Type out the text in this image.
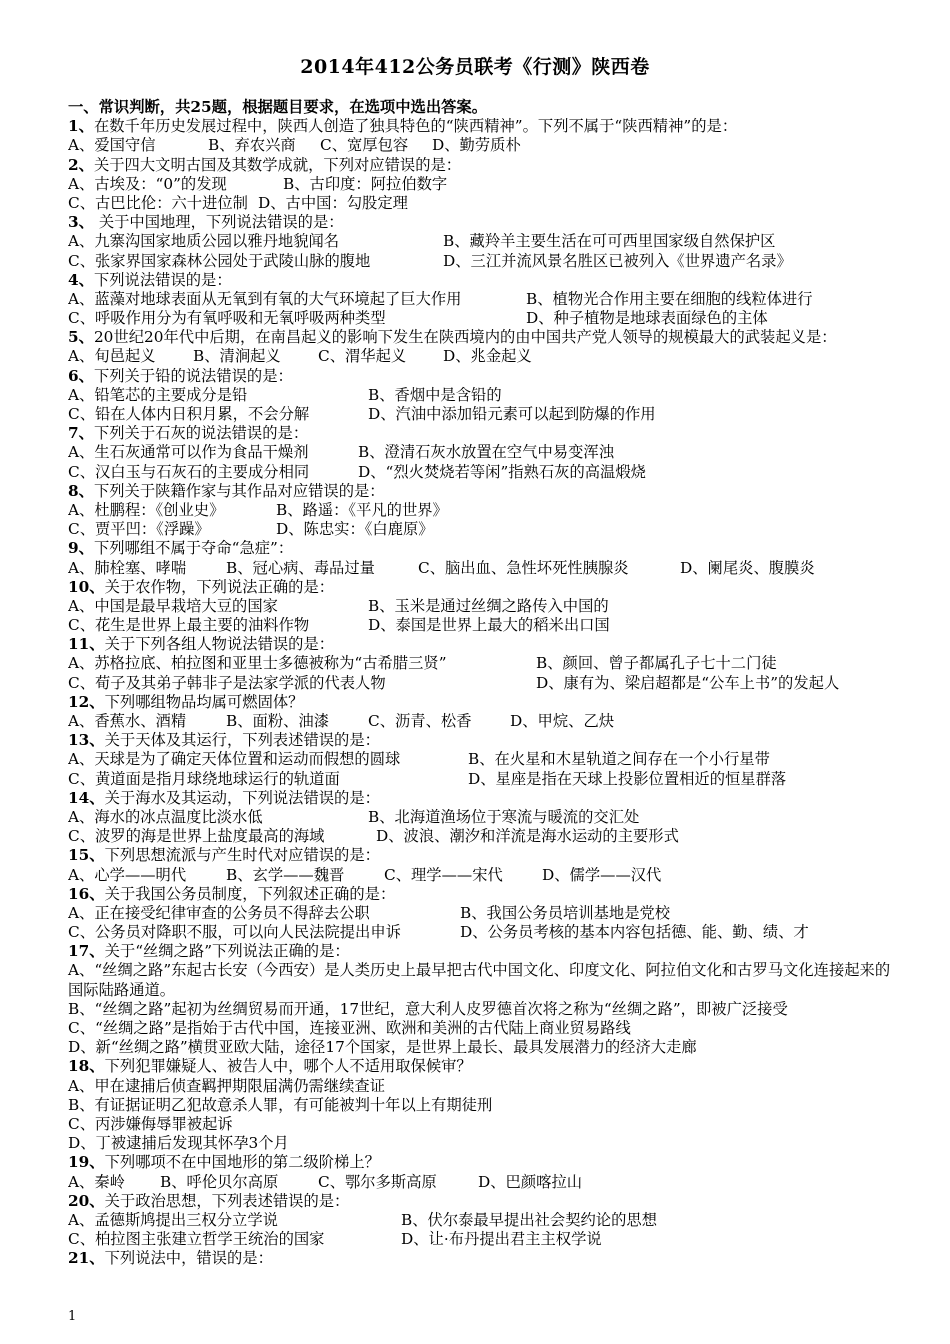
2014年412公务员联考《行测》陕西卷
一、常识判断，共25题，根据题目要求，在选项中选出答案。
1、在数千年历史发展过程中，陕西人创造了独具特色的“陕西精神”。下列不属于“陕西精神”的是：
A、爱国守信	B、弃农兴商	C、宽厚包容	D、勤劳质朴
2、关于四大文明古国及其数学成就，下列对应错误的是：
A、古埃及：“0”的发现	B、古印度：阿拉伯数字
C、古巴比伦：六十进位制 D、古中国：勾股定理
3、 关于中国地理，下列说法错误的是：
A、九寨沟国家地质公园以雅丹地貌闻名	B、藏羚羊主要生活在可可西里国家级自然保护区
C、张家界国家森林公园处于武陵山脉的腹地	D、三江并流风景名胜区已被列入《世界遗产名录》
4、下列说法错误的是：
A、蓝藻对地球表面从无氧到有氧的大气环境起了巨大作用	B、植物光合作用主要在细胞的线粒体进行
C、呼吸作用分为有氧呼吸和无氧呼吸两种类型	D、种子植物是地球表面绿色的主体
5、20世纪20年代中后期，在南昌起义的影响下发生在陕西境内的由中国共产党人领导的规模最大的武装起义是：
A、旬邑起义	B、清涧起义	C、渭华起义	D、兆金起义
6、下列关于铅的说法错误的是：
A、铅笔芯的主要成分是铅	B、香烟中是含铅的
C、铅在人体内日积月累，不会分解	D、汽油中添加铅元素可以起到防爆的作用
7、下列关于石灰的说法错误的是：
A、生石灰通常可以作为食品干燥剂	B、澄清石灰水放置在空气中易变浑浊
C、汉白玉与石灰石的主要成分相同	D、“烈火焚烧若等闲”指熟石灰的高温煅烧
8、下列关于陕籍作家与其作品对应错误的是：
A、杜鹏程：《创业史》	B、路遥：《平凡的世界》
C、贾平凹：《浮躁》	D、陈忠实：《白鹿原》
9、下列哪组不属于夺命“急症”：
A、肺栓塞、哮喘	B、冠心病、毒品过量	C、脑出血、急性坏死性胰腺炎	D、阑尾炎、腹膜炎
10、关于农作物，下列说法正确的是：
A、中国是最早栽培大豆的国家	B、玉米是通过丝绸之路传入中国的
C、花生是世界上最主要的油料作物	D、泰国是世界上最大的稻米出口国
11、关于下列各组人物说法错误的是：
A、苏格拉底、柏拉图和亚里士多德被称为“古希腊三贤”	B、颜回、曾子都属孔子七十二门徒
C、荀子及其弟子韩非子是法家学派的代表人物	D、康有为、梁启超都是“公车上书”的发起人
12、下列哪组物品均属可燃固体？
A、香蕉水、酒精	B、面粉、油漆	C、沥青、松香	D、甲烷、乙炔
13、关于天体及其运行，下列表述错误的是：
A、天球是为了确定天体位置和运动而假想的圆球	B、在火星和木星轨道之间存在一个小行星带
C、黄道面是指月球绕地球运行的轨道面	D、星座是指在天球上投影位置相近的恒星群落
14、关于海水及其运动，下列说法错误的是：
A、海水的冰点温度比淡水低	B、北海道渔场位于寒流与暖流的交汇处
C、波罗的海是世界上盐度最高的海域	D、波浪、潮汐和洋流是海水运动的主要形式
15、下列思想流派与产生时代对应错误的是：
A、心学——明代	B、玄学——魏晋	C、理学——宋代	D、儒学——汉代
16、关于我国公务员制度，下列叙述正确的是：
A、正在接受纪律审查的公务员不得辞去公职	B、我国公务员培训基地是党校
C、公务员对降职不服，可以向人民法院提出申诉	D、公务员考核的基本内容包括德、能、勤、绩、才
17、关于“丝绸之路”下列说法正确的是：
A、“丝绸之路”东起古长安（今西安）是人类历史上最早把古代中国文化、印度文化、阿拉伯文化和古罗马文化连接起来的国际陆路通道。
B、“丝绸之路”起初为丝绸贸易而开通，17世纪，意大利人皮罗德首次将之称为“丝绸之路”，即被广泛接受
C、“丝绸之路”是指始于古代中国，连接亚洲、欧洲和美洲的古代陆上商业贸易路线
D、新“丝绸之路”横贯亚欧大陆，途径17个国家，是世界上最长、最具发展潜力的经济大走廊
18、下列犯罪嫌疑人、被告人中，哪个人不适用取保候审？
A、甲在逮捕后侦查羁押期限届满仍需继续查证
B、有证据证明乙犯故意杀人罪，有可能被判十年以上有期徒刑
C、丙涉嫌侮辱罪被起诉
D、丁被逮捕后发现其怀孕3个月
19、下列哪项不在中国地形的第二级阶梯上？
A、秦岭	B、呼伦贝尔高原	C、鄂尔多斯高原	D、巴颜喀拉山
20、关于政治思想，下列表述错误的是：
A、孟德斯鸠提出三权分立学说	B、伏尔泰最早提出社会契约论的思想
C、柏拉图主张建立哲学王统治的国家	D、让·布丹提出君主主权学说
21、下列说法中，错误的是：
1
